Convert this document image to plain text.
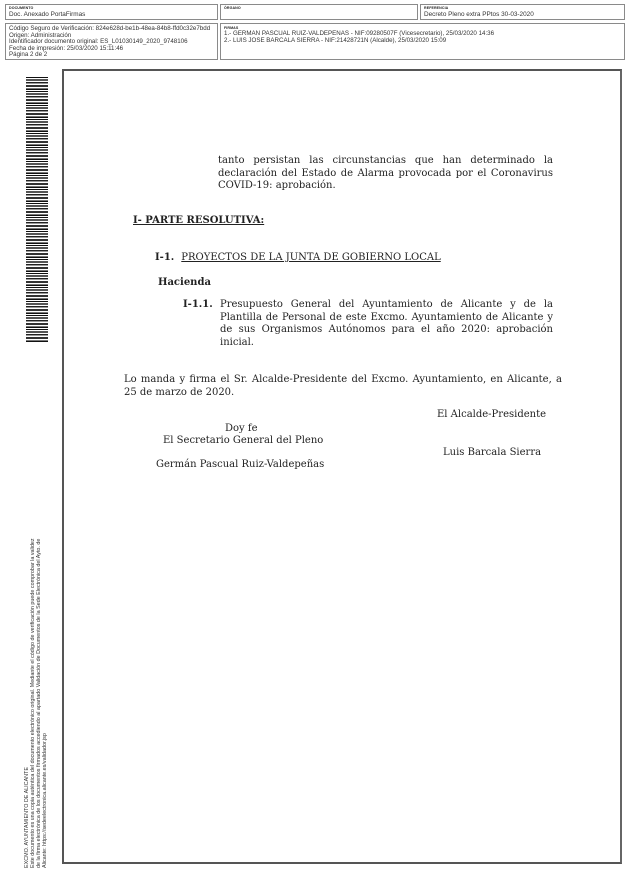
DOCUMENTO
Doc. Anexado PortaFirmas
ÓRGANO	REFERENCIA
Decreto Pleno extra PPtos 30-03-2020
Código Seguro de Verificación: 824e628d-be1b-48ea-84b8-ffd0c32e7bdd
Origen: Administración
Identificador documento original: ES_L01030149_2020_9748106
Fecha de impresión: 25/03/2020 15:11:46
Página 2 de 2
FIRMAS
1.- GERMAN PASCUAL RUIZ-VALDEPENAS - NIF:09280507F (Vicesecretario), 25/03/2020 14:36
2.- LUIS JOSE BARCALA SIERRA - NIF:21428721N (Alcalde), 25/03/2020 15:09
EXCMO. AYUNTAMIENTO DE ALICANTE Este documento es una copia auténtica del documento electrónico original. Mediante el código de verificación puede comprobar la validez de la firma electrónica de los documentos firmados accediendo al apartado Validación de Documentos de la Sede Electrónica del Ayto. de Alicante: https://sedeelectronica.alicante.es/validador.jsp
tanto persistan las circunstancias que han determinado la declaración del Estado de Alarma provocada por el Coronavirus COVID-19: aprobación.
I- PARTE RESOLUTIVA:
I-1. PROYECTOS DE LA JUNTA DE GOBIERNO LOCAL
Hacienda
I-1.1. Presupuesto General del Ayuntamiento de Alicante y de la Plantilla de Personal de este Excmo. Ayuntamiento de Alicante y de sus Organismos Autónomos para el año 2020: aprobación inicial.
Lo manda y firma el Sr. Alcalde-Presidente del Excmo. Ayuntamiento, en Alicante, a 25 de marzo de 2020.
El Alcalde-Presidente
Doy fe
El Secretario General del Pleno
Luis Barcala Sierra
Germán Pascual Ruiz-Valdepeñas
